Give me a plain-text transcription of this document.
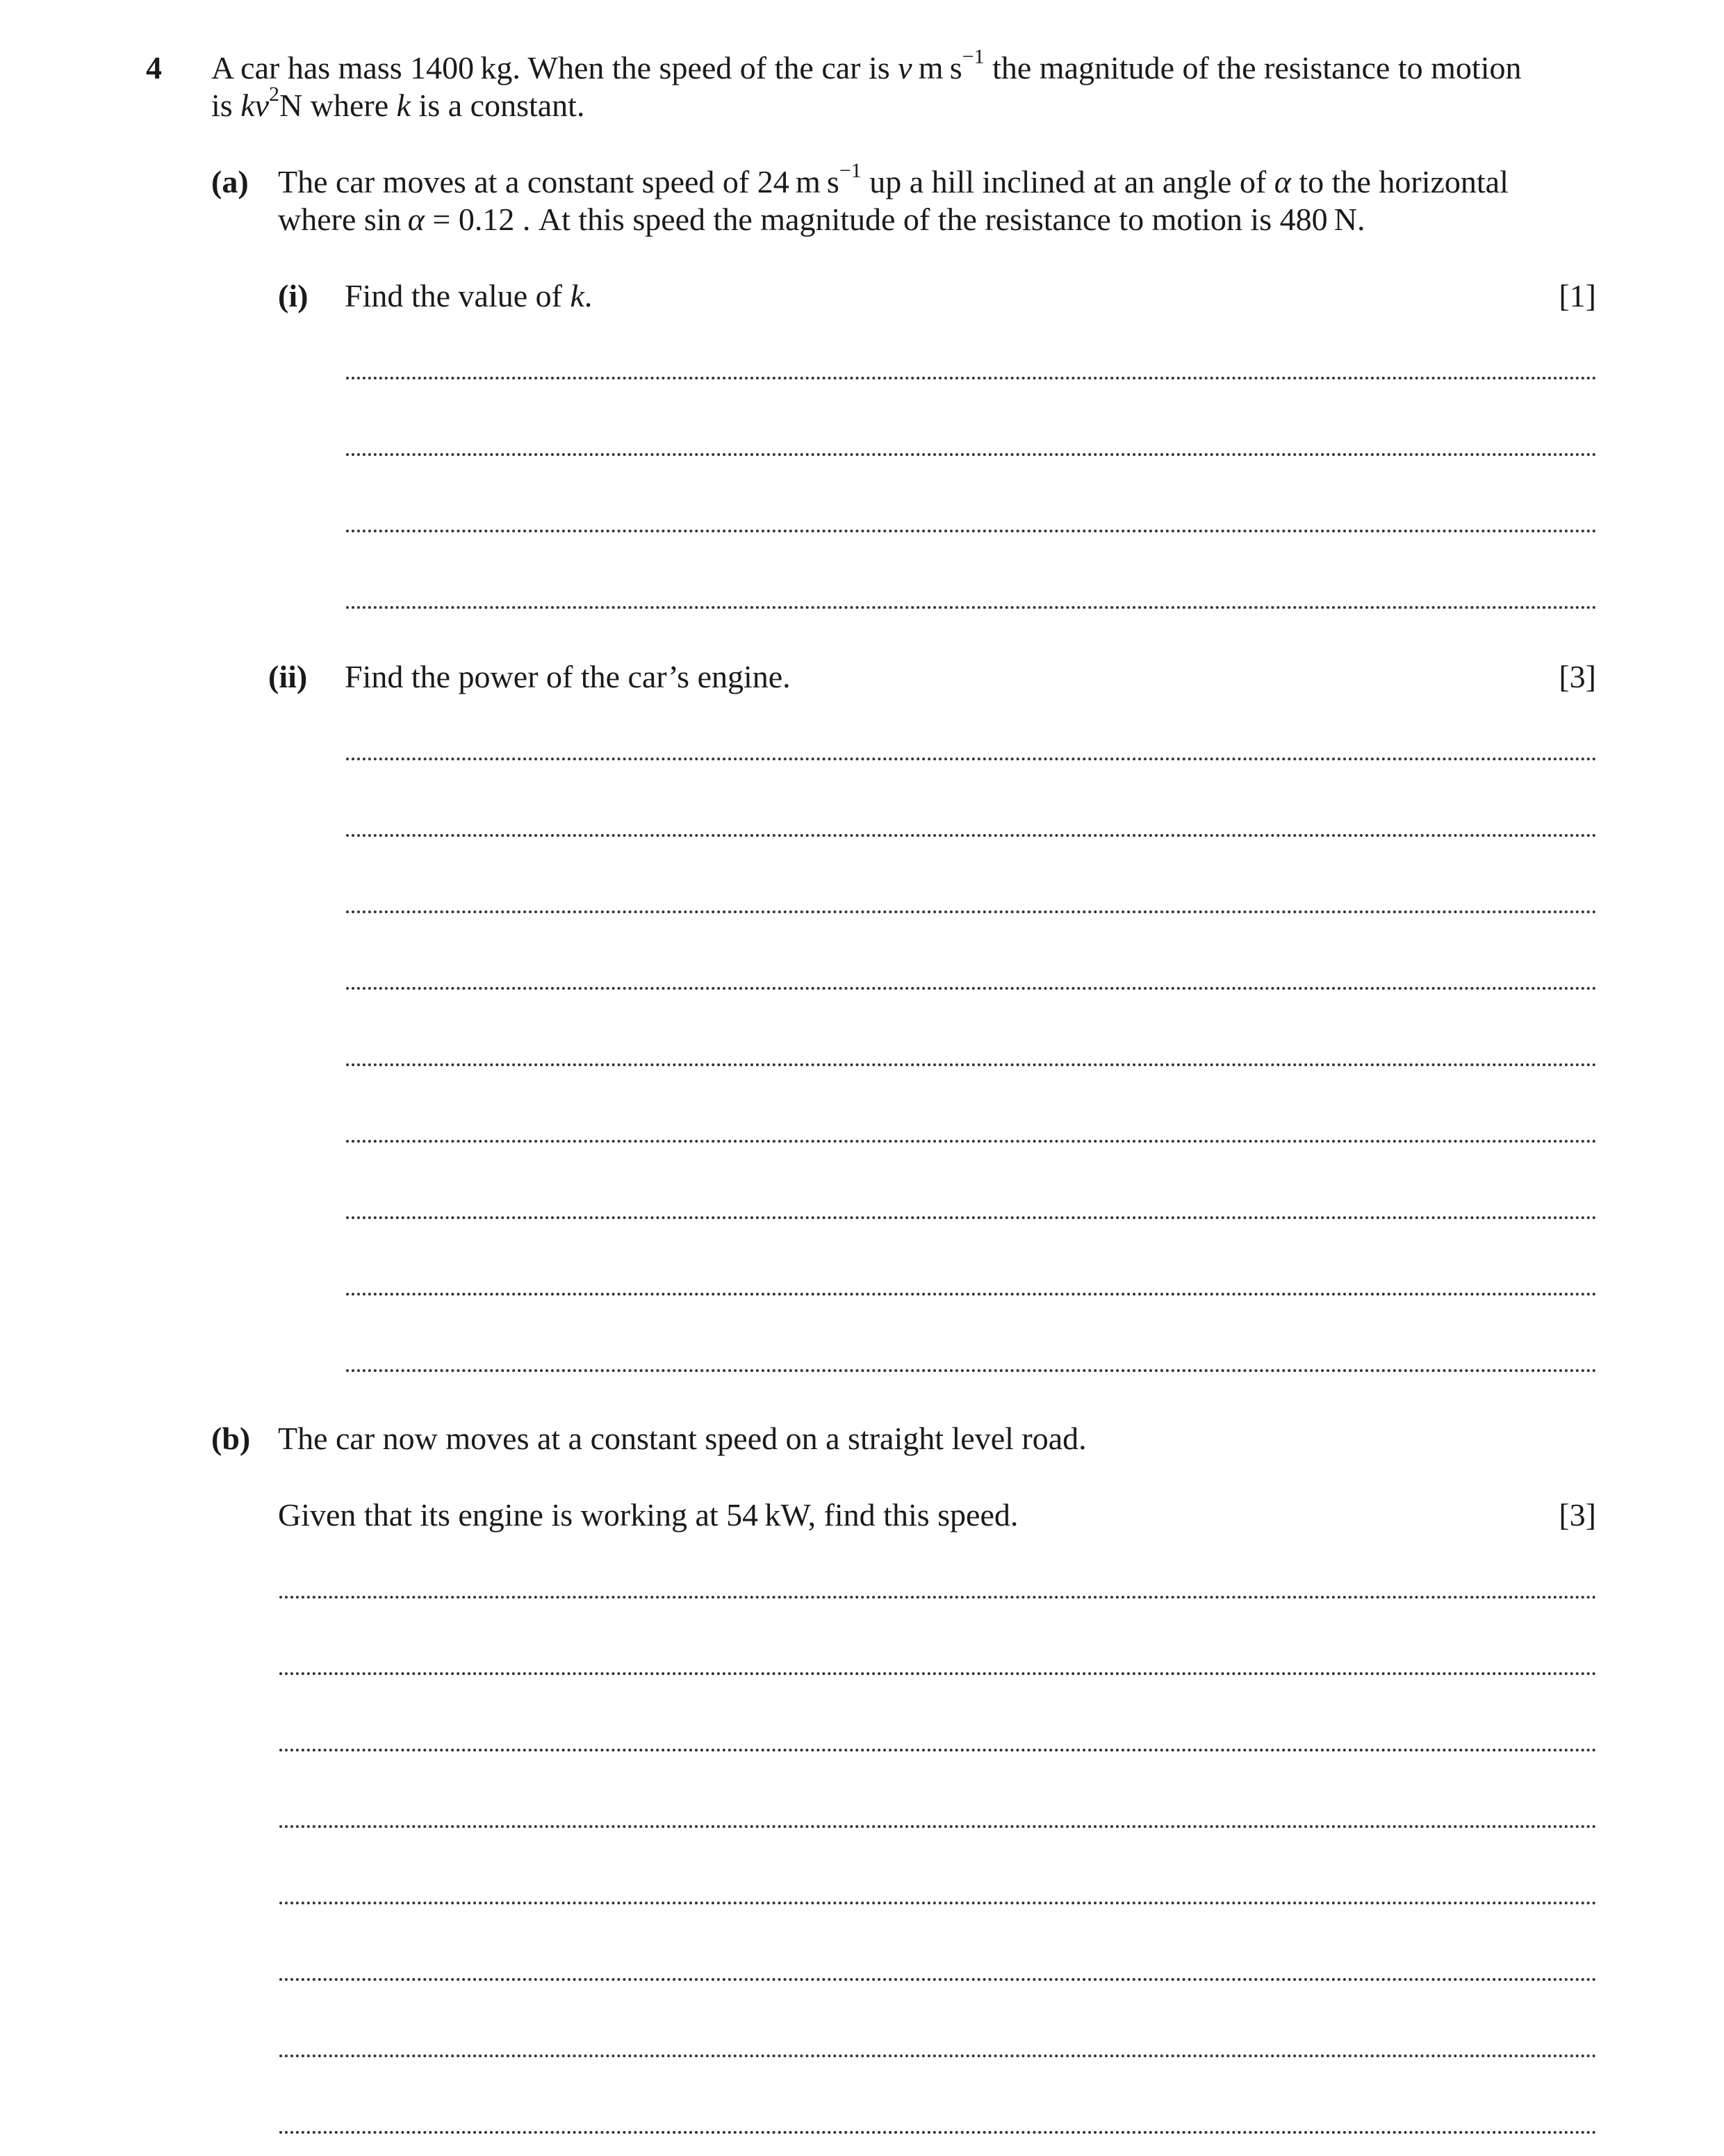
4 A car has mass 1400 kg. When the speed of the car is v m $s^{-1}$ the magnitude of the resistance to motion
is $kv^2N$ where k is a constant.
(a) The car moves at a constant speed of 24 m $s^{-1}$ up a hill inclined at an angle of α to the horizontal
where sin α = 0.12 . At this speed the magnitude of the resistance to motion is 480 N.
(i) Find the value of k.	[1]
(ii) Find the power of the car’s engine.	[3]
(b) The car now moves at a constant speed on a straight level road.
Given that its engine is working at 54 kW, find this speed.	[3]
